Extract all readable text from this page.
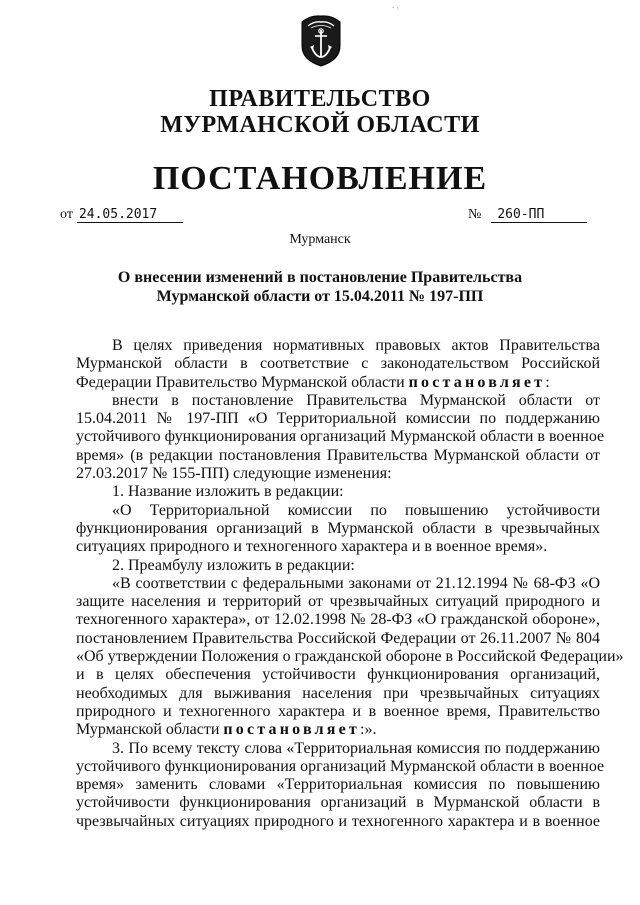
. ,
ПРАВИТЕЛЬСТВО
МУРМАНСКОЙ ОБЛАСТИ
ПОСТАНОВЛЕНИЕ
от 24.05.2017	№ 260-ПП
Мурманск
О внесении изменений в постановление Правительства
Мурманской области от 15.04.2011 № 197-ПП
В целях приведения нормативных правовых актов Правительства
Мурманской области в соответствие с законодательством Российской
Федерации Правительство Мурманской области постановляет:
внести в постановление Правительства Мурманской области от
15.04.2011 № 197-ПП «О Территориальной комиссии по поддержанию
устойчивого функционирования организаций Мурманской области в военное
время» (в редакции постановления Правительства Мурманской области от
27.03.2017 № 155-ПП) следующие изменения:
1. Название изложить в редакции:
«О Территориальной комиссии по повышению устойчивости
функционирования организаций в Мурманской области в чрезвычайных
ситуациях природного и техногенного характера и в военное время».
2. Преамбулу изложить в редакции:
«В соответствии с федеральными законами от 21.12.1994 № 68-ФЗ «О
защите населения и территорий от чрезвычайных ситуаций природного и
техногенного характера», от 12.02.1998 № 28-ФЗ «О гражданской обороне»,
постановлением Правительства Российской Федерации от 26.11.2007 № 804
«Об утверждении Положения о гражданской обороне в Российской Федерации»
и в целях обеспечения устойчивости функционирования организаций,
необходимых для выживания населения при чрезвычайных ситуациях
природного и техногенного характера и в военное время, Правительство
Мурманской области постановляет:».
3. По всему тексту слова «Территориальная комиссия по поддержанию
устойчивого функционирования организаций Мурманской области в военное
время» заменить словами «Территориальная комиссия по повышению
устойчивости функционирования организаций в Мурманской области в
чрезвычайных ситуациях природного и техногенного характера и в военное
